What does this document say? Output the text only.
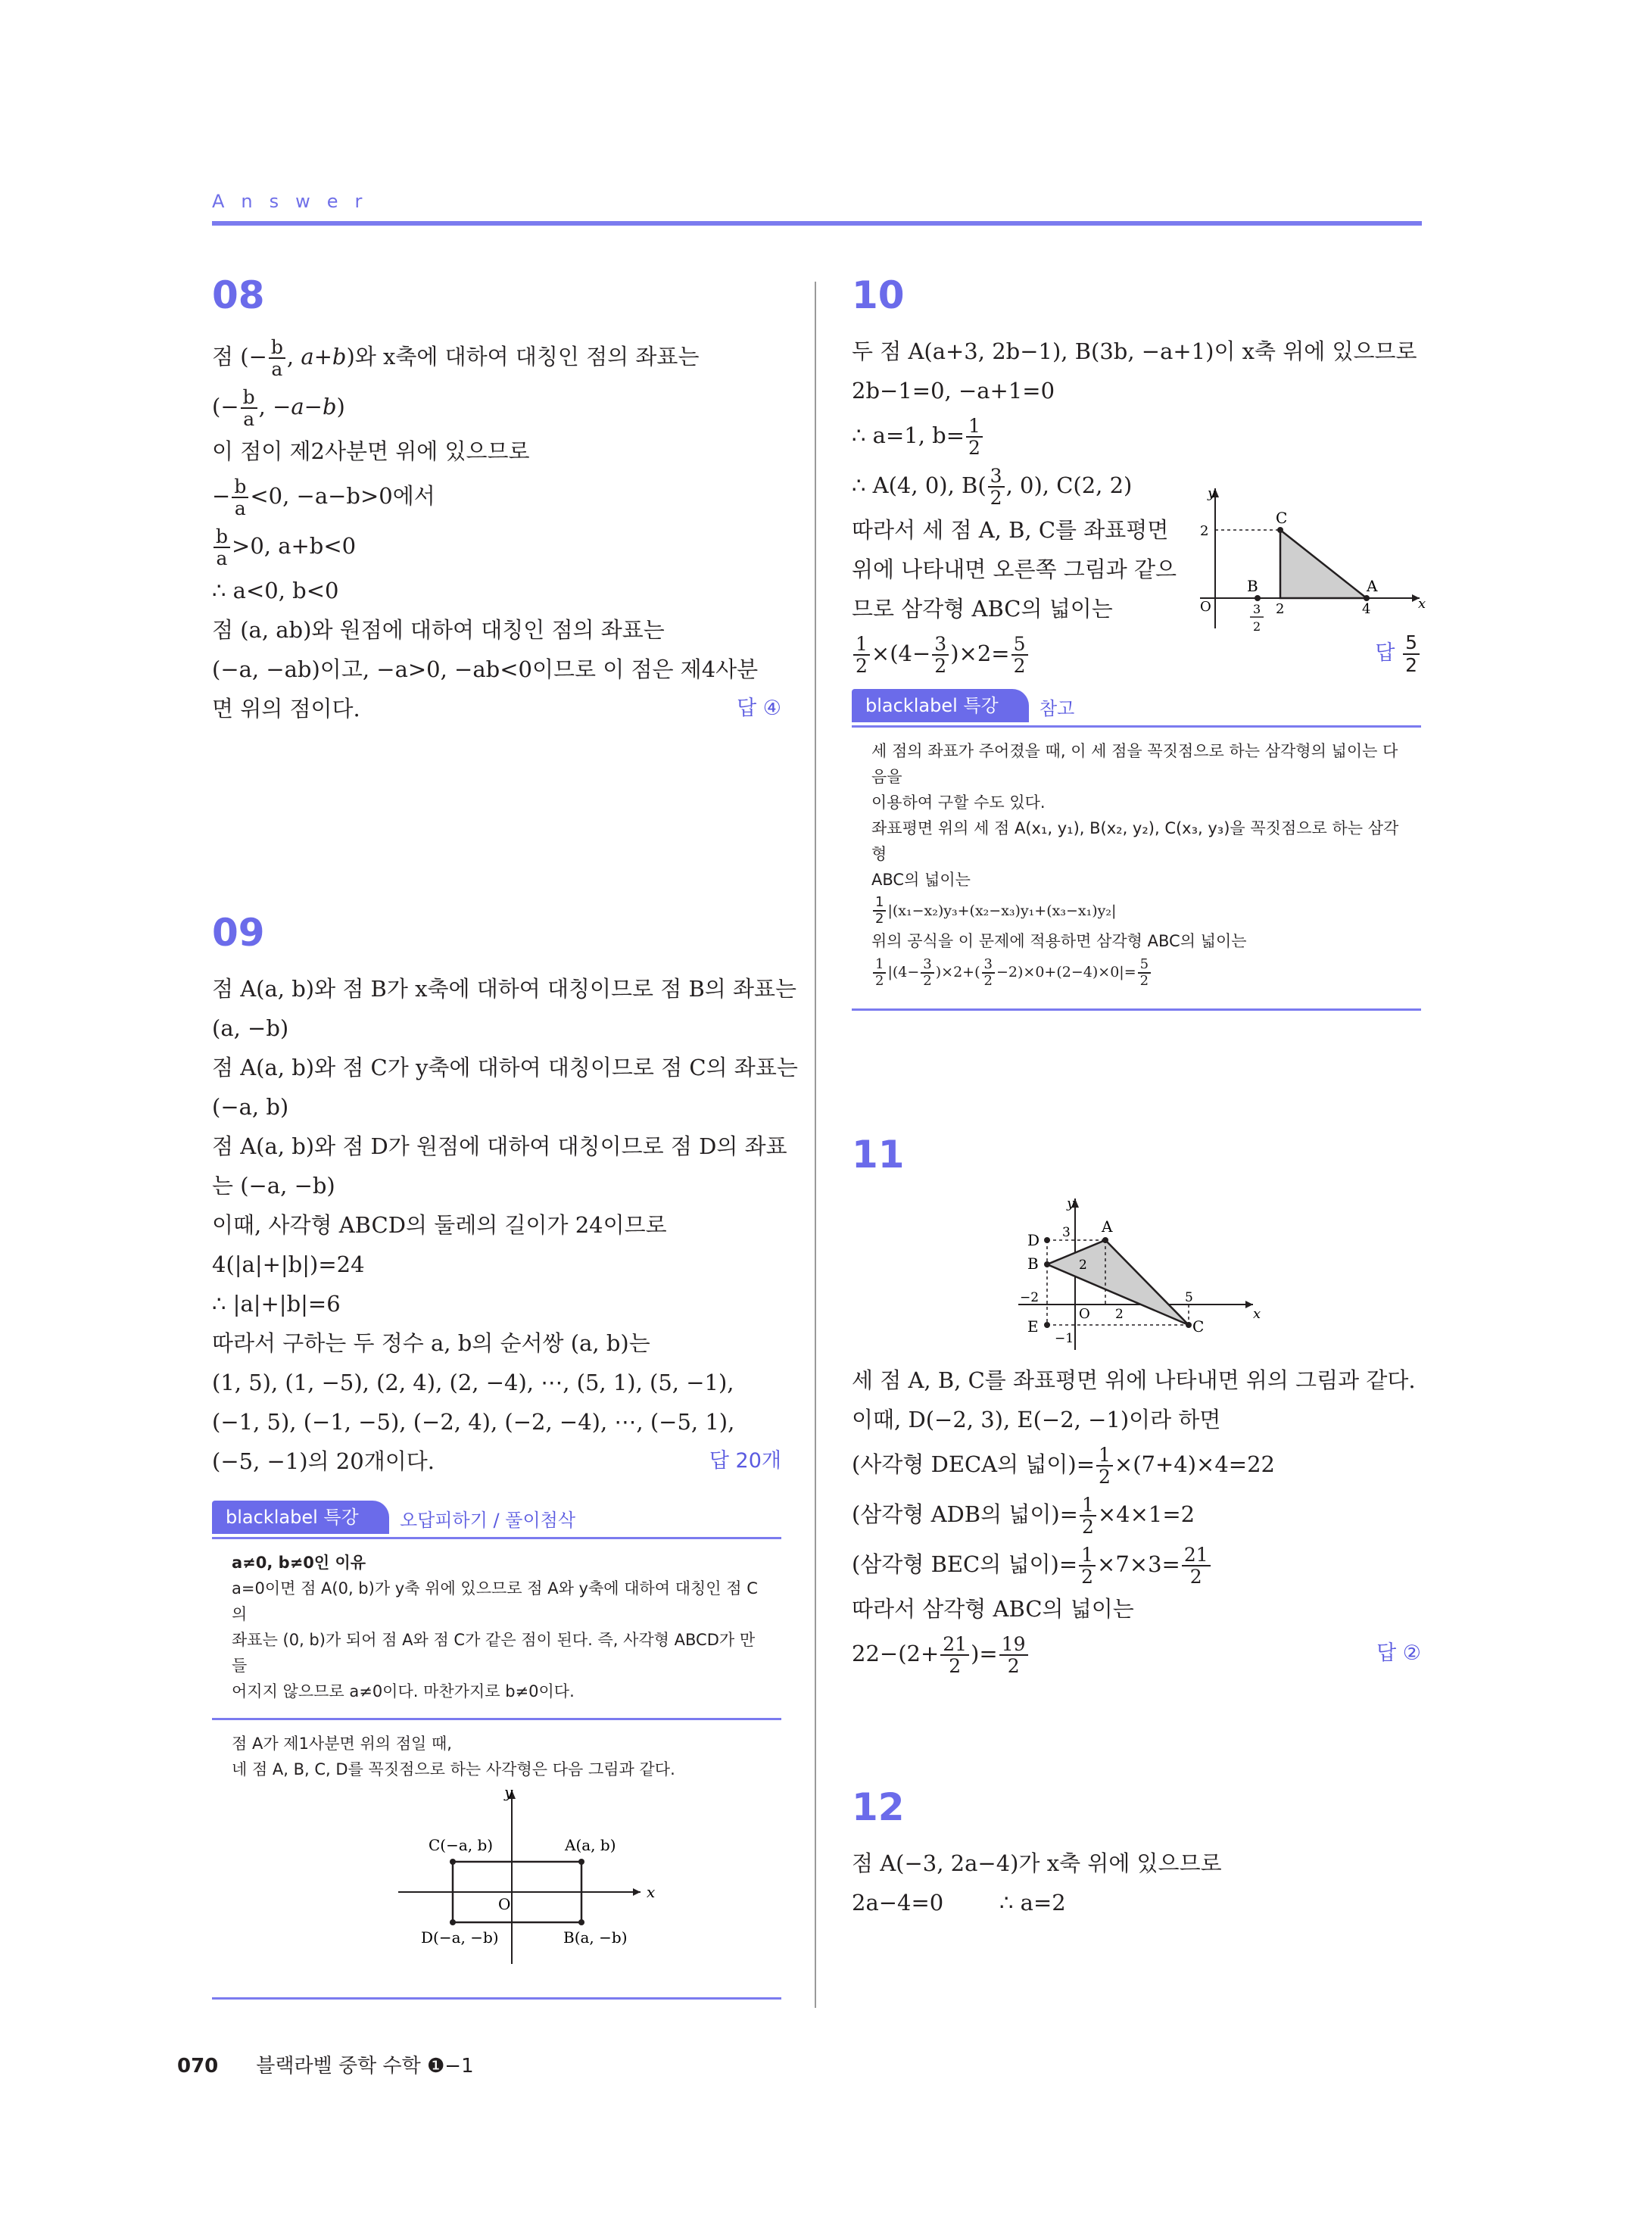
Answer
08
점 (− $\frac{b}{a}$ , a+b)와 x축에 대하여 대칭인 점의 좌표는
(− $\frac{b}{a}$ , −a−b)
이 점이 제2사분면 위에 있으므로
− $\frac{b}{a} <0$, −a−b>0에서
$\frac{b}{a} >0$, a+b<0
∴ a<0, b<0
점 (a, ab)와 원점에 대하여 대칭인 점의 좌표는
(−a, −ab)이고, −a>0, −ab<0이므로 이 점은 제4사분
면 위의 점이다.	답 ④
09
점 A(a, b)와 점 B가 x축에 대하여 대칭이므로 점 B의 좌표는
(a, −b)
점 A(a, b)와 점 C가 y축에 대하여 대칭이므로 점 C의 좌표는
(−a, b)
점 A(a, b)와 점 D가 원점에 대하여 대칭이므로 점 D의 좌표
는 (−a, −b)
이때, 사각형 ABCD의 둘레의 길이가 24이므로
4(|a|+|b|)=24
∴ |a|+|b|=6
따라서 구하는 두 정수 a, b의 순서쌍 (a, b)는
(1, 5), (1, −5), (2, 4), (2, −4), ⋯, (5, 1), (5, −1),
(−1, 5), (−1, −5), (−2, 4), (−2, −4), ⋯, (−5, 1),
(−5, −1)의 20개이다.	답 20개
blacklabel 특강	오답피하기 / 풀이첨삭
a≠0, b≠0인 이유
a=0이면 점 A(0, b)가 y축 위에 있으므로 점 A와 y축에 대하여 대칭인 점 C의
좌표는 (0, b)가 되어 점 A와 점 C가 같은 점이 된다. 즉, 사각형 ABCD가 만들
어지지 않으므로 a≠0이다. 마찬가지로 b≠0이다.
점 A가 제1사분면 위의 점일 때,
네 점 A, B, C, D를 꼭짓점으로 하는 사각형은 다음 그림과 같다.
y
x
O
A(a, b)
B(a, −b)
C(−a, b)
D(−a, −b)
10
두 점 A(a+3, 2b−1), B(3b, −a+1)이 x축 위에 있으므로
2b−1=0, −a+1=0
∴ a=1, $b= \frac{1}{2}$
∴ A(4, 0), $B( \frac{3}{2}$ , 0), C(2, 2)
따라서 세 점 A, B, C를 좌표평면
위에 나타내면 오른쪽 그림과 같으
므로 삼각형 ABC의 넓이는
$\frac{1}{2} \times(4- \frac{3}{2} )\times 2= \frac{5}{2}$	답 $\frac{5}{2}$
y
x
O
C
A
B
2
4
2
3
2
blacklabel 특강	참고
세 점의 좌표가 주어졌을 때, 이 세 점을 꼭짓점으로 하는 삼각형의 넓이는 다음을
이용하여 구할 수도 있다.
좌표평면 위의 세 점 A(x₁, y₁), B(x₂, y₂), C(x₃, y₃)을 꼭짓점으로 하는 삼각형
ABC의 넓이는
$\frac{1}{2} |(x_1-x_2)y_3+(x_2-x_3)y_1+(x_3-x_1)y_2|$
위의 공식을 이 문제에 적용하면 삼각형 ABC의 넓이는
$\frac{1}{2} |(4- \frac{3}{2} )\times 2+( \frac{3}{2} -2)\times 0+(2-4)\times 0|= \frac{5}{2}$
11
y
x
O
A
B
C
D
E
3
2
−2
−1
5
2
세 점 A, B, C를 좌표평면 위에 나타내면 위의 그림과 같다.
이때, D(−2, 3), E(−2, −1)이라 하면
(사각형 DECA의 넓이)= $\frac{1}{2} \times(7+4)\times 4=22$
(삼각형 ADB의 넓이)= $\frac{1}{2} \times 4\times 1=2$
(삼각형 BEC의 넓이)= $\frac{1}{2} \times 7\times 3= \frac{21}{2}$
따라서 삼각형 ABC의 넓이는
$22-(2+ \frac{21}{2}$ )= $\frac{19}{2}$	답 ②
12
점 A(−3, 2a−4)가 x축 위에 있으므로
2a−4=0        ∴ a=2
070 블랙라벨 중학 수학 ❶−1
